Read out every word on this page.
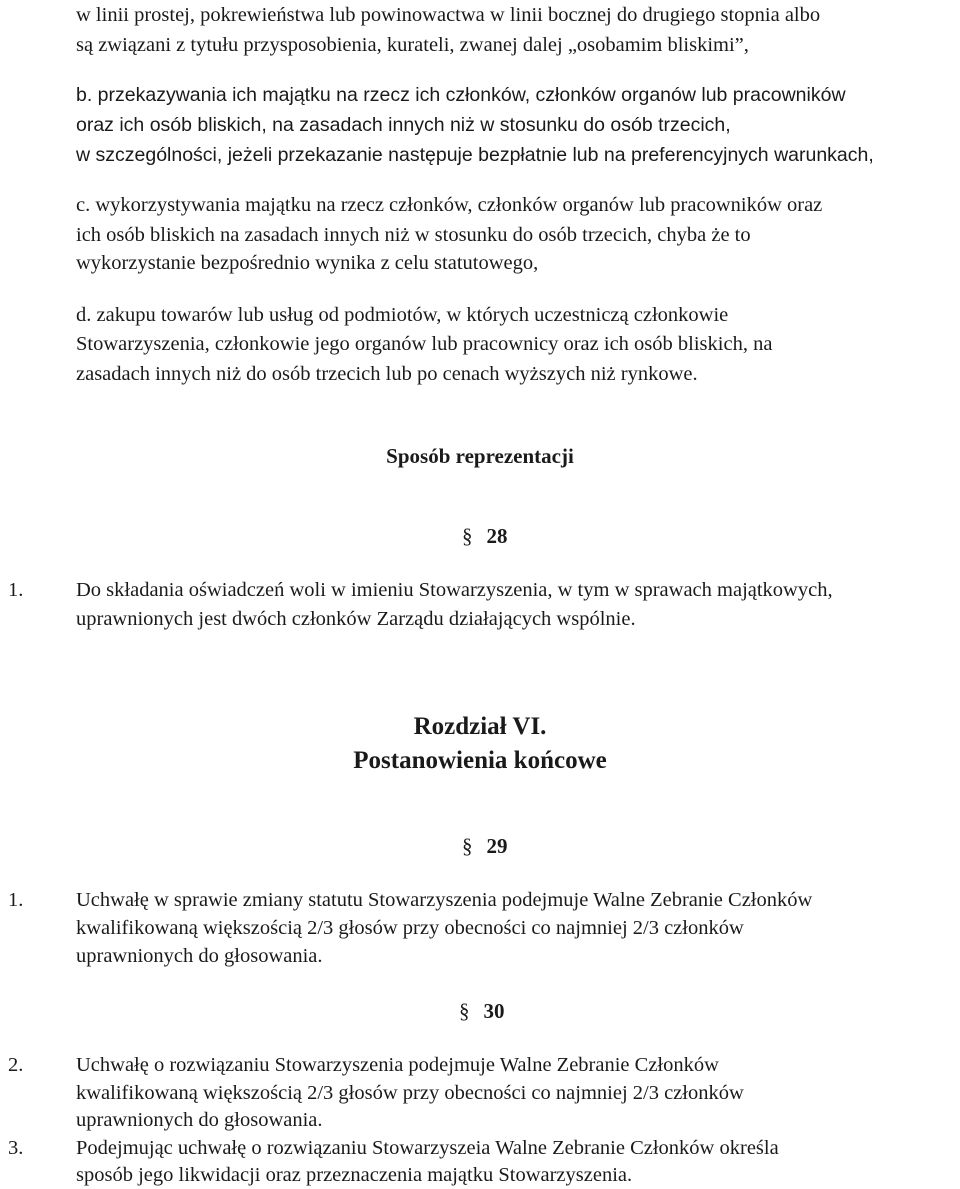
w linii prostej, pokrewieństwa lub powinowactwa w linii bocznej do drugiego stopnia albo

są związani z tytułu przysposobienia, kurateli, zwanej dalej „osobamim bliskimi”,

b. przekazywania ich majątku na rzecz ich członków, członków organów lub pracowników

oraz ich osób bliskich, na zasadach innych niż w stosunku do osób trzecich,

w szczególności, jeżeli przekazanie następuje bezpłatnie lub na preferencyjnych warunkach,

c. wykorzystywania majątku na rzecz członków, członków organów lub pracowników oraz

ich osób bliskich na zasadach innych niż w stosunku do osób trzecich, chyba że to

wykorzystanie bezpośrednio wynika z celu statutowego,

d. zakupu towarów lub usług od podmiotów, w których uczestniczą członkowie

Stowarzyszenia, członkowie jego organów lub pracownicy oraz ich osób bliskich, na

zasadach innych niż do osób trzecich lub po cenach wyższych niż rynkowe.

Sposób reprezentacji

§ 28

1.	Do składania oświadczeń woli w imieniu Stowarzyszenia, w tym w sprawach majątkowych,

uprawnionych jest dwóch członków Zarządu działających wspólnie.

Rozdział VI.
Postanowienia końcowe

§ 29

1.	Uchwałę w sprawie zmiany statutu Stowarzyszenia podejmuje Walne Zebranie Członków

kwalifikowaną większością 2/3 głosów przy obecności co najmniej 2/3 członków

uprawnionych do głosowania.

§ 30

2.	Uchwałę o rozwiązaniu Stowarzyszenia podejmuje Walne Zebranie Członków

kwalifikowaną większością 2/3 głosów przy obecności co najmniej 2/3 członków

uprawnionych do głosowania.

3.	Podejmując uchwałę o rozwiązaniu Stowarzyszeia Walne Zebranie Członków określa

sposób jego likwidacji oraz przeznaczenia majątku Stowarzyszenia.
